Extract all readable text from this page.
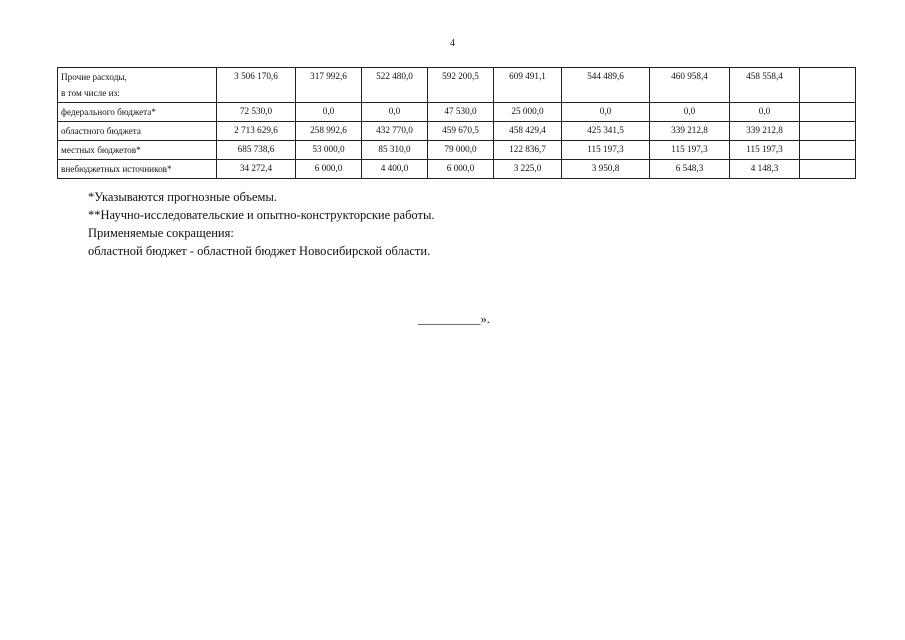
4
Прочие расходы,
в том числе из:	3 506 170,6	317 992,6	522 480,0	592 200,5	609 491,1	544 489,6	460 958,4	458 558,4	

федерального бюджета*	72 530,0	0,0	0,0	47 530,0	25 000,0	0,0	0,0	0,0	

областного бюджета	2 713 629,6	258 992,6	432 770,0	459 670,5	458 429,4	425 341,5	339 212,8	339 212,8	

местных бюджетов*	685 738,6	53 000,0	85 310,0	79 000,0	122 836,7	115 197,3	115 197,3	115 197,3	

внебюджетных источников*	34 272,4	6 000,0	4 400,0	6 000,0	3 225,0	3 950,8	6 548,3	4 148,3	
*Указываются прогнозные объемы.
**Научно-исследовательские и опытно-конструкторские работы.
Применяемые сокращения:
областной бюджет - областной бюджет Новосибирской области.
__________».
